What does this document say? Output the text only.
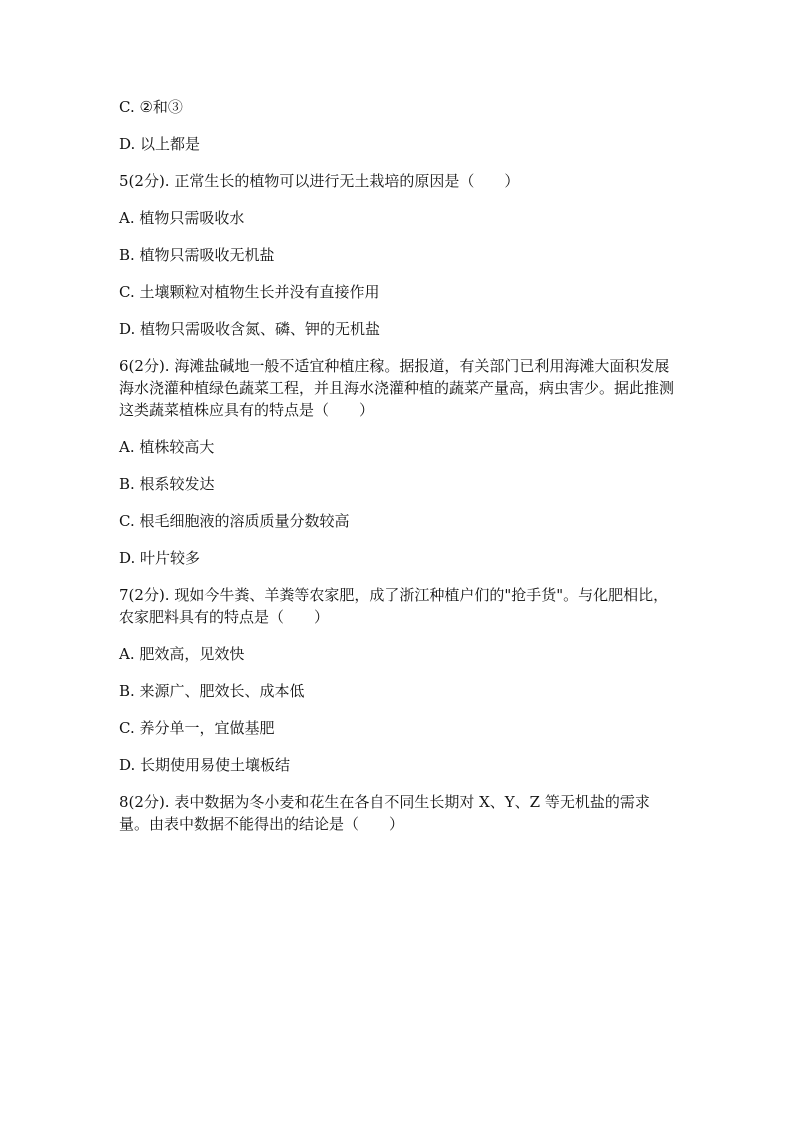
C. ②和③
D. 以上都是
5(2分). 正常生长的植物可以进行无土栽培的原因是（　　）
A. 植物只需吸收水
B. 植物只需吸收无机盐
C. 土壤颗粒对植物生长并没有直接作用
D. 植物只需吸收含氮、磷、钾的无机盐
6(2分). 海滩盐碱地一般不适宜种植庄稼。据报道，有关部门已利用海滩大面积发展海水浇灌种植绿色蔬菜工程，并且海水浇灌种植的蔬菜产量高，病虫害少。据此推测这类蔬菜植株应具有的特点是（　　）
A. 植株较高大
B. 根系较发达
C. 根毛细胞液的溶质质量分数较高
D. 叶片较多
7(2分). 现如今牛粪、羊粪等农家肥，成了浙江种植户们的"抢手货"。与化肥相比，农家肥料具有的特点是（　　）
A. 肥效高，见效快
B. 来源广、肥效长、成本低
C. 养分单一，宜做基肥
D. 长期使用易使土壤板结
8(2分). 表中数据为冬小麦和花生在各自不同生长期对 X、Y、Z 等无机盐的需求量。由表中数据不能得出的结论是（　　）
